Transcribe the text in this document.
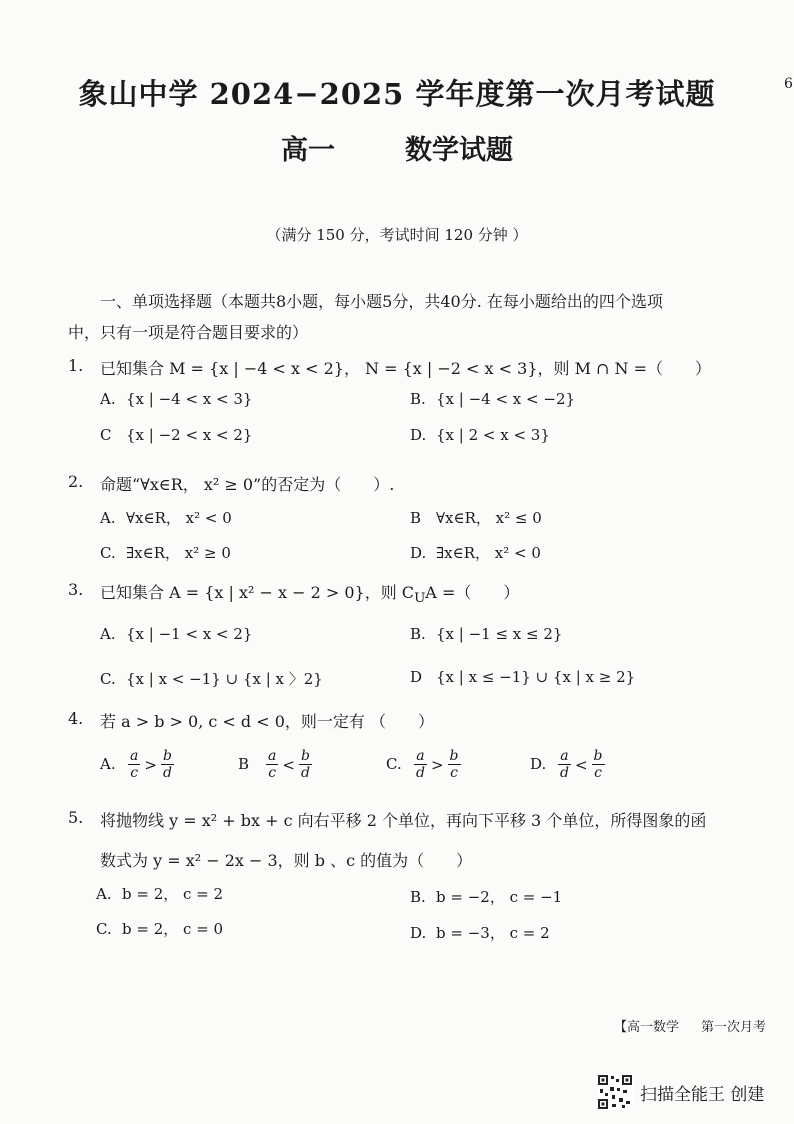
6
象山中学 2024−2025 学年度第一次月考试题
高一	数学试题
（满分 150 分，考试时间 120 分钟 ）
一、单项选择题（本题共8小题，每小题5分，共40分. 在每小题给出的四个选项
中，只有一项是符合题目要求的）
1.	已知集合 M = {x | −4 < x < 2}， N = {x | −2 < x < 3}，则 M ∩ N =（　　）
A. {x | −4 < x < 3}	B. {x | −4 < x < −2}
C {x | −2 < x < 2}	D. {x | 2 < x < 3}
2.	命题“∀x∈R， x² ≥ 0”的否定为（　　）.
A. ∀x∈R， x² < 0	B ∀x∈R， x² ≤ 0
C. ∃x∈R， x² ≥ 0	D. ∃x∈R， x² < 0
3.	已知集合 A = {x | x² − x − 2 > 0}，则 $C_UA$ =（　　）
A. {x | −1 < x < 2}	B. {x | −1 ≤ x ≤ 2}
C. {x | x < −1} ∪ {x | x 〉2}	D {x | x ≤ −1} ∪ {x | x ≥ 2}
4.	若 a > b > 0, c < d < 0，则一定有 （　　）
A. $\frac{a}{c} > \frac{b}{d}$	B $\frac{a}{c} < \frac{b}{d}$	C. $\frac{a}{d} > \frac{b}{c}$	D. $\frac{a}{d} < \frac{b}{c}$
5.	将抛物线 y = x² + bx + c 向右平移 2 个单位，再向下平移 3 个单位，所得图象的函
数式为 y = x² − 2x − 3，则 b 、c 的值为（　　）
A. b = 2， c = 2	B. b = −2， c = −1
C. b = 2， c = 0	D. b = −3， c = 2
【高一数学 第一次月考
扫描全能王 创建
